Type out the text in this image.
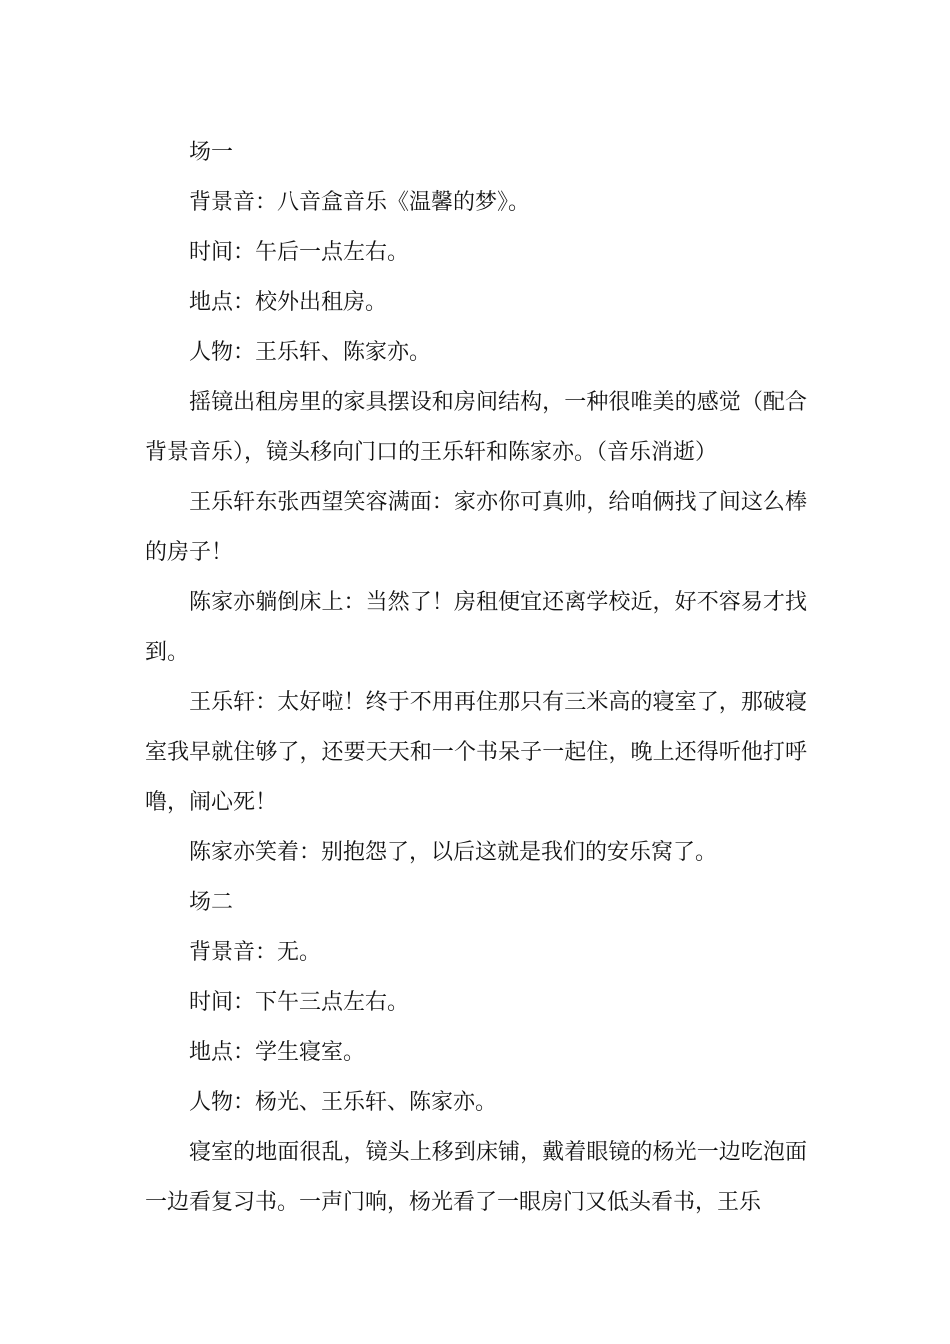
场一

背景音：八音盒音乐《温馨的梦》。

时间：午后一点左右。

地点：校外出租房。

人物：王乐轩、陈家亦。

摇镜出租房里的家具摆设和房间结构，一种很唯美的感觉（配合背景音乐），镜头移向门口的王乐轩和陈家亦。（音乐消逝）

王乐轩东张西望笑容满面：家亦你可真帅，给咱俩找了间这么棒的房子！

陈家亦躺倒床上：当然了！房租便宜还离学校近，好不容易才找到。

王乐轩：太好啦！终于不用再住那只有三米高的寝室了，那破寝室我早就住够了，还要天天和一个书呆子一起住，晚上还得听他打呼噜，闹心死！

陈家亦笑着：别抱怨了，以后这就是我们的安乐窝了。

场二

背景音：无。

时间：下午三点左右。

地点：学生寝室。

人物：杨光、王乐轩、陈家亦。

寝室的地面很乱，镜头上移到床铺，戴着眼镜的杨光一边吃泡面一边看复习书。一声门响，杨光看了一眼房门又低头看书，王乐
